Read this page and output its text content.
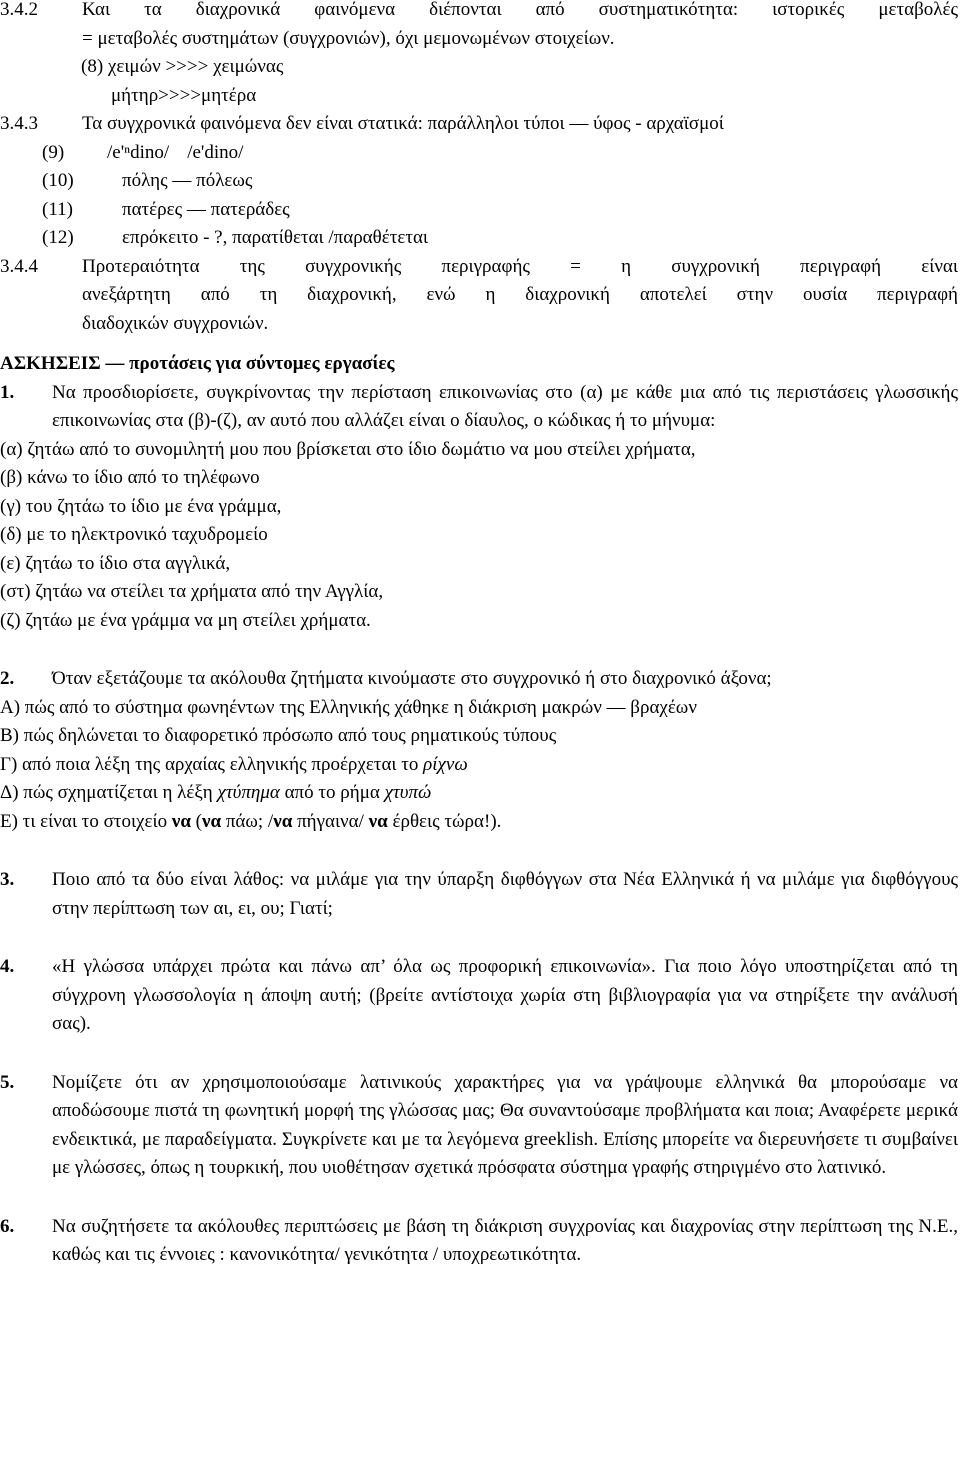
3.4.2	Και τα διαχρονικά φαινόμενα διέπονται από συστηματικότητα: ιστορικές μεταβολές
= μεταβολές συστημάτων (συγχρονιών), όχι μεμονωμένων στοιχείων.
(8) χειμών >>>> χειμώνας
μήτηρ>>>>μητέρα
3.4.3	Τα συγχρονικά φαινόμενα δεν είναι στατικά: παράλληλοι τύποι — ύφος - αρχαϊσμοί
(9)	/e'ⁿdino/ /e'dino/
(10)	πόλης — πόλεως
(11)	πατέρες — πατεράδες
(12)	επρόκειτο - ?, παρατίθεται /παραθέτεται
3.4.4	Προτεραιότητα της συγχρονικής περιγραφής = η συγχρονική περιγραφή είναι
ανεξάρτητη από τη διαχρονική, ενώ η διαχρονική αποτελεί στην ουσία περιγραφή
διαδοχικών συγχρονιών.
ΑΣΚΗΣΕΙΣ — προτάσεις για σύντομες εργασίες
1.	Να προσδιορίσετε, συγκρίνοντας την περίσταση επικοινωνίας στο (α) με κάθε μια από τις περιστάσεις γλωσσικής επικοινωνίας στα (β)-(ζ), αν αυτό που αλλάζει είναι ο δίαυλος, ο κώδικας ή το μήνυμα:
(α) ζητάω από το συνομιλητή μου που βρίσκεται στο ίδιο δωμάτιο να μου στείλει χρήματα,
(β) κάνω το ίδιο από το τηλέφωνο
(γ) του ζητάω το ίδιο με ένα γράμμα,
(δ) με το ηλεκτρονικό ταχυδρομείο
(ε) ζητάω το ίδιο στα αγγλικά,
(στ) ζητάω να στείλει τα χρήματα από την Αγγλία,
(ζ) ζητάω με ένα γράμμα να μη στείλει χρήματα.
2.	Όταν εξετάζουμε τα ακόλουθα ζητήματα κινούμαστε στο συγχρονικό ή στο διαχρονικό άξονα;
Α) πώς από το σύστημα φωνηέντων της Ελληνικής χάθηκε η διάκριση μακρών — βραχέων
Β) πώς δηλώνεται το διαφορετικό πρόσωπο από τους ρηματικούς τύπους
Γ) από ποια λέξη της αρχαίας ελληνικής προέρχεται το ρίχνω
Δ) πώς σχηματίζεται η λέξη χτύπημα από το ρήμα χτυπώ
Ε) τι είναι το στοιχείο να (να πάω; /να πήγαινα/ να έρθεις τώρα!).
3.	Ποιο από τα δύο είναι λάθος: να μιλάμε για την ύπαρξη διφθόγγων στα Νέα Ελληνικά ή να μιλάμε για διφθόγγους στην περίπτωση των αι, ει, ου; Γιατί;
4.	«Η γλώσσα υπάρχει πρώτα και πάνω απ’ όλα ως προφορική επικοινωνία». Για ποιο λόγο υποστηρίζεται από τη σύγχρονη γλωσσολογία η άποψη αυτή; (βρείτε αντίστοιχα χωρία στη βιβλιογραφία για να στηρίξετε την ανάλυσή σας).
5.	Νομίζετε ότι αν χρησιμοποιούσαμε λατινικούς χαρακτήρες για να γράψουμε ελληνικά θα μπορούσαμε να αποδώσουμε πιστά τη φωνητική μορφή της γλώσσας μας; Θα συναντούσαμε προβλήματα και ποια; Αναφέρετε μερικά ενδεικτικά, με παραδείγματα. Συγκρίνετε και με τα λεγόμενα greeklish. Επίσης μπορείτε να διερευνήσετε τι συμβαίνει με γλώσσες, όπως η τουρκική, που υιοθέτησαν σχετικά πρόσφατα σύστημα γραφής στηριγμένο στο λατινικό.
6.	Να συζητήσετε τα ακόλουθες περιπτώσεις με βάση τη διάκριση συγχρονίας και διαχρονίας στην περίπτωση της Ν.Ε., καθώς και τις έννοιες : κανονικότητα/ γενικότητα / υποχρεωτικότητα.
